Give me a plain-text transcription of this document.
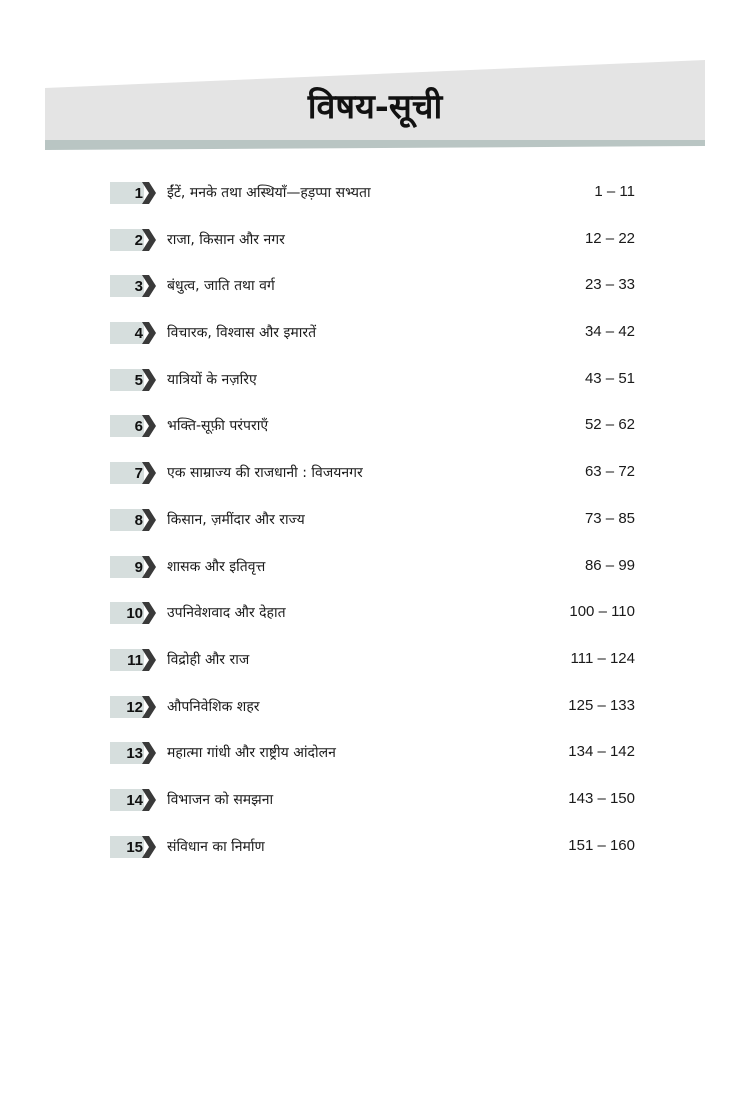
विषय-सूची
1 ईंटें, मनके तथा अस्थियाँ—हड़प्पा सभ्यता	1 – 11
2 राजा, किसान और नगर	12 – 22
3 बंधुत्व, जाति तथा वर्ग	23 – 33
4 विचारक, विश्वास और इमारतें	34 – 42
5 यात्रियों के नज़रिए	43 – 51
6 भक्ति-सूफ़ी परंपराएँ	52 – 62
7 एक साम्राज्य की राजधानी : विजयनगर	63 – 72
8 किसान, ज़मींदार और राज्य	73 – 85
9 शासक और इतिवृत्त	86 – 99
10 उपनिवेशवाद और देहात	100 – 110
11 विद्रोही और राज	111 – 124
12 औपनिवेशिक शहर	125 – 133
13 महात्मा गांधी और राष्ट्रीय आंदोलन	134 – 142
14 विभाजन को समझना	143 – 150
15 संविधान का निर्माण	151 – 160
